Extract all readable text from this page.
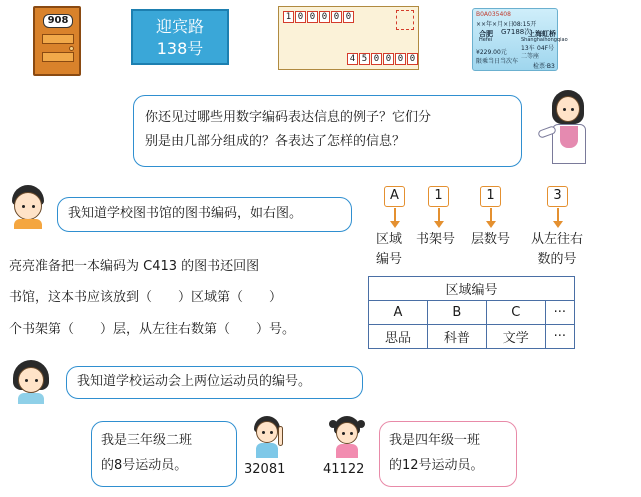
908	迎宾路
138号
1 0 0 0 0 0
4 5 0 0 0 0
B0A035408
××年×月×日
08:15开
合肥 G7188次
上海虹桥
Hefei	Shanghaihongqiao
13车 04F号
¥229.00元
二等座
限乘当日当次车
检票·B3
你还见过哪些用数字编码表达信息的例子？它们分
别是由几部分组成的？各表达了怎样的信息？
我知道学校图书馆的图书编码，如右图。
A	1	1	3
区域
编号
书架号 层数号 从左往右
数的号
区域编号			
A	B	C	···
思品	科普	文学	···
亮亮准备把一本编码为 C413 的图书还回图
书馆，这本书应该放到（　　）区域第（　　）
个书架第（　　）层，从左往右数第（　　）号。
我知道学校运动会上两位运动员的编号。
我是三年级二班
的8号运动员。	32081	41122
我是四年级一班
的12号运动员。
